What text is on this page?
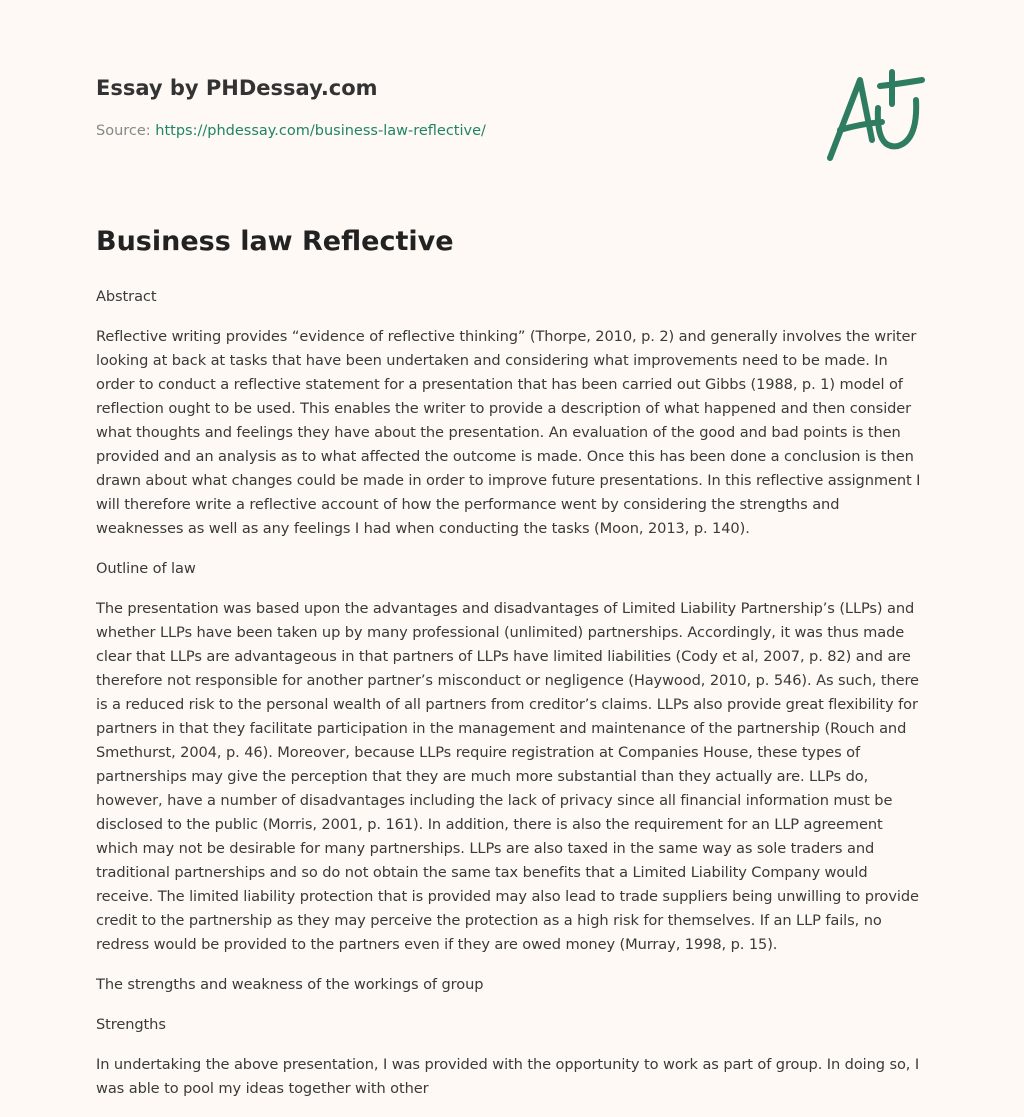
Essay by PHDessay.com
Source: https://phdessay.com/business-law-reflective/
Business law Reflective

Abstract

Reflective writing provides “evidence of reflective thinking” (Thorpe, 2010, p. 2) and generally involves the writer looking at back at tasks that have been undertaken and considering what improvements need to be made. In order to conduct a reflective statement for a presentation that has been carried out Gibbs (1988, p. 1) model of reflection ought to be used. This enables the writer to provide a description of what happened and then consider what thoughts and feelings they have about the presentation. An evaluation of the good and bad points is then provided and an analysis as to what affected the outcome is made. Once this has been done a conclusion is then drawn about what changes could be made in order to improve future presentations. In this reflective assignment I will therefore write a reflective account of how the performance went by considering the strengths and weaknesses as well as any feelings I had when conducting the tasks (Moon, 2013, p. 140).

Outline of law

The presentation was based upon the advantages and disadvantages of Limited Liability Partnership’s (LLPs) and whether LLPs have been taken up by many professional (unlimited) partnerships. Accordingly, it was thus made clear that LLPs are advantageous in that partners of LLPs have limited liabilities (Cody et al, 2007, p. 82) and are therefore not responsible for another partner’s misconduct or negligence (Haywood, 2010, p. 546). As such, there is a reduced risk to the personal wealth of all partners from creditor’s claims. LLPs also provide great flexibility for partners in that they facilitate participation in the management and maintenance of the partnership (Rouch and Smethurst, 2004, p. 46). Moreover, because LLPs require registration at Companies House, these types of partnerships may give the perception that they are much more substantial than they actually are. LLPs do, however, have a number of disadvantages including the lack of privacy since all financial information must be disclosed to the public (Morris, 2001, p. 161). In addition, there is also the requirement for an LLP agreement which may not be desirable for many partnerships. LLPs are also taxed in the same way as sole traders and traditional partnerships and so do not obtain the same tax benefits that a Limited Liability Company would receive. The limited liability protection that is provided may also lead to trade suppliers being unwilling to provide credit to the partnership as they may perceive the protection as a high risk for themselves. If an LLP fails, no redress would be provided to the partners even if they are owed money (Murray, 1998, p. 15).

The strengths and weakness of the workings of group

Strengths

In undertaking the above presentation, I was provided with the opportunity to work as part of group. In doing so, I was able to pool my ideas together with other
